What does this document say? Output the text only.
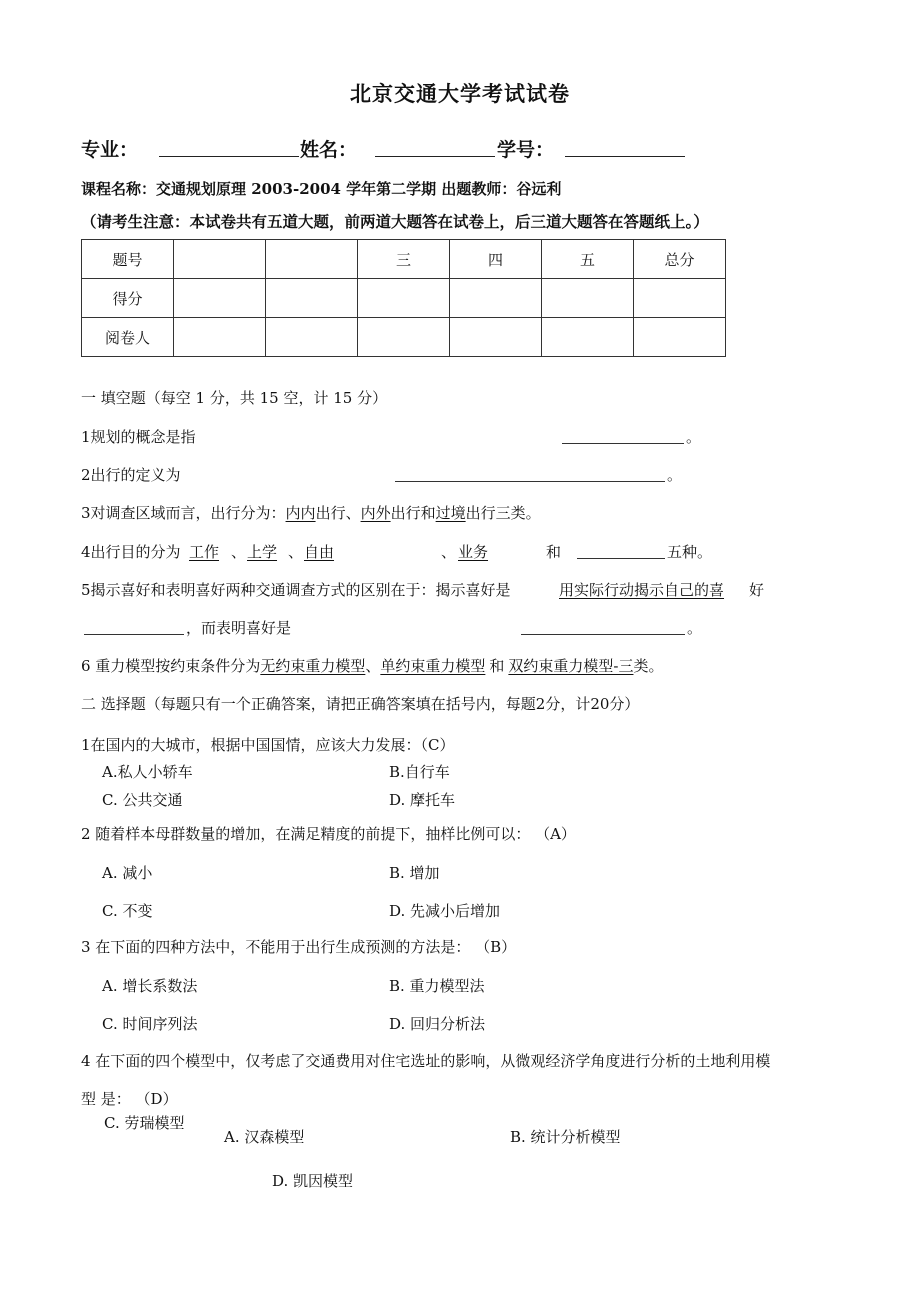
北京交通大学考试试卷
专业：	姓名：	学号：
课程名称：交通规划原理 2003-2004 学年第二学期 出题教师：谷远利
（请考生注意：本试卷共有五道大题，前两道大题答在试卷上，后三道大题答在答题纸上。）
题号			三	四	五	总分
得分						
阅卷人						
一 填空题（每空 1 分，共 15 空，计 15 分）
1规划的概念是指	。
2出行的定义为	。
3对调查区域而言，出行分为：内内出行、内外出行和过境出行三类。
4出行目的分为 工作 、 上学 、 自由	、 业务	和	五种。
5揭示喜好和表明喜好两种交通调查方式的区别在于：揭示喜好是	用实际行动揭示自己的喜 好
，而表明喜好是	。
6 重力模型按约束条件分为无约束重力模型、单约束重力模型 和 双约束重力模型-三类。
二 选择题（每题只有一个正确答案，请把正确答案填在括号内，每题2分，计20分）
1在国内的大城市，根据中国国情，应该大力发展：（C）
A.私人小轿车	B.自行车
C. 公共交通	D. 摩托车
2 随着样本母群数量的增加，在满足精度的前提下，抽样比例可以： （A）
A. 减小	B. 增加
C. 不变	D. 先减小后增加
3 在下面的四种方法中，不能用于出行生成预测的方法是： （B）
A. 增长系数法	B. 重力模型法
C. 时间序列法	D. 回归分析法
4 在下面的四个模型中，仅考虑了交通费用对住宅选址的影响，从微观经济学角度进行分析的土地利用模
型 是： （D）
C. 劳瑞模型
A. 汉森模型	B. 统计分析模型
D. 凯因模型
